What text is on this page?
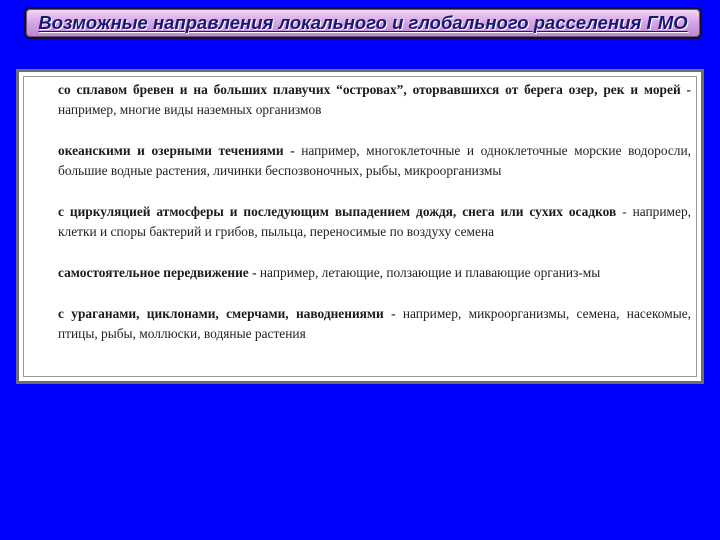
Возможные направления локального и глобального расселения ГМО

со сплавом бревен и на больших плавучих “островах”, оторвавшихся от берега озер, рек и морей - например, многие виды наземных организмов

океанскими и озерными течениями - например, многоклеточные и одноклеточные морские водоросли, большие водные растения, личинки беспозвоночных, рыбы, микроорганизмы

с циркуляцией атмосферы и последующим выпадением дождя, снега или сухих осадков - например, клетки и споры бактерий и грибов, пыльца, переносимые по воздуху семена

самостоятельное передвижение - например, летающие, ползающие и плавающие организ-мы

с ураганами, циклонами, смерчами, наводнениями - например, микроорганизмы, семена, насекомые, птицы, рыбы, моллюски, водяные растения
